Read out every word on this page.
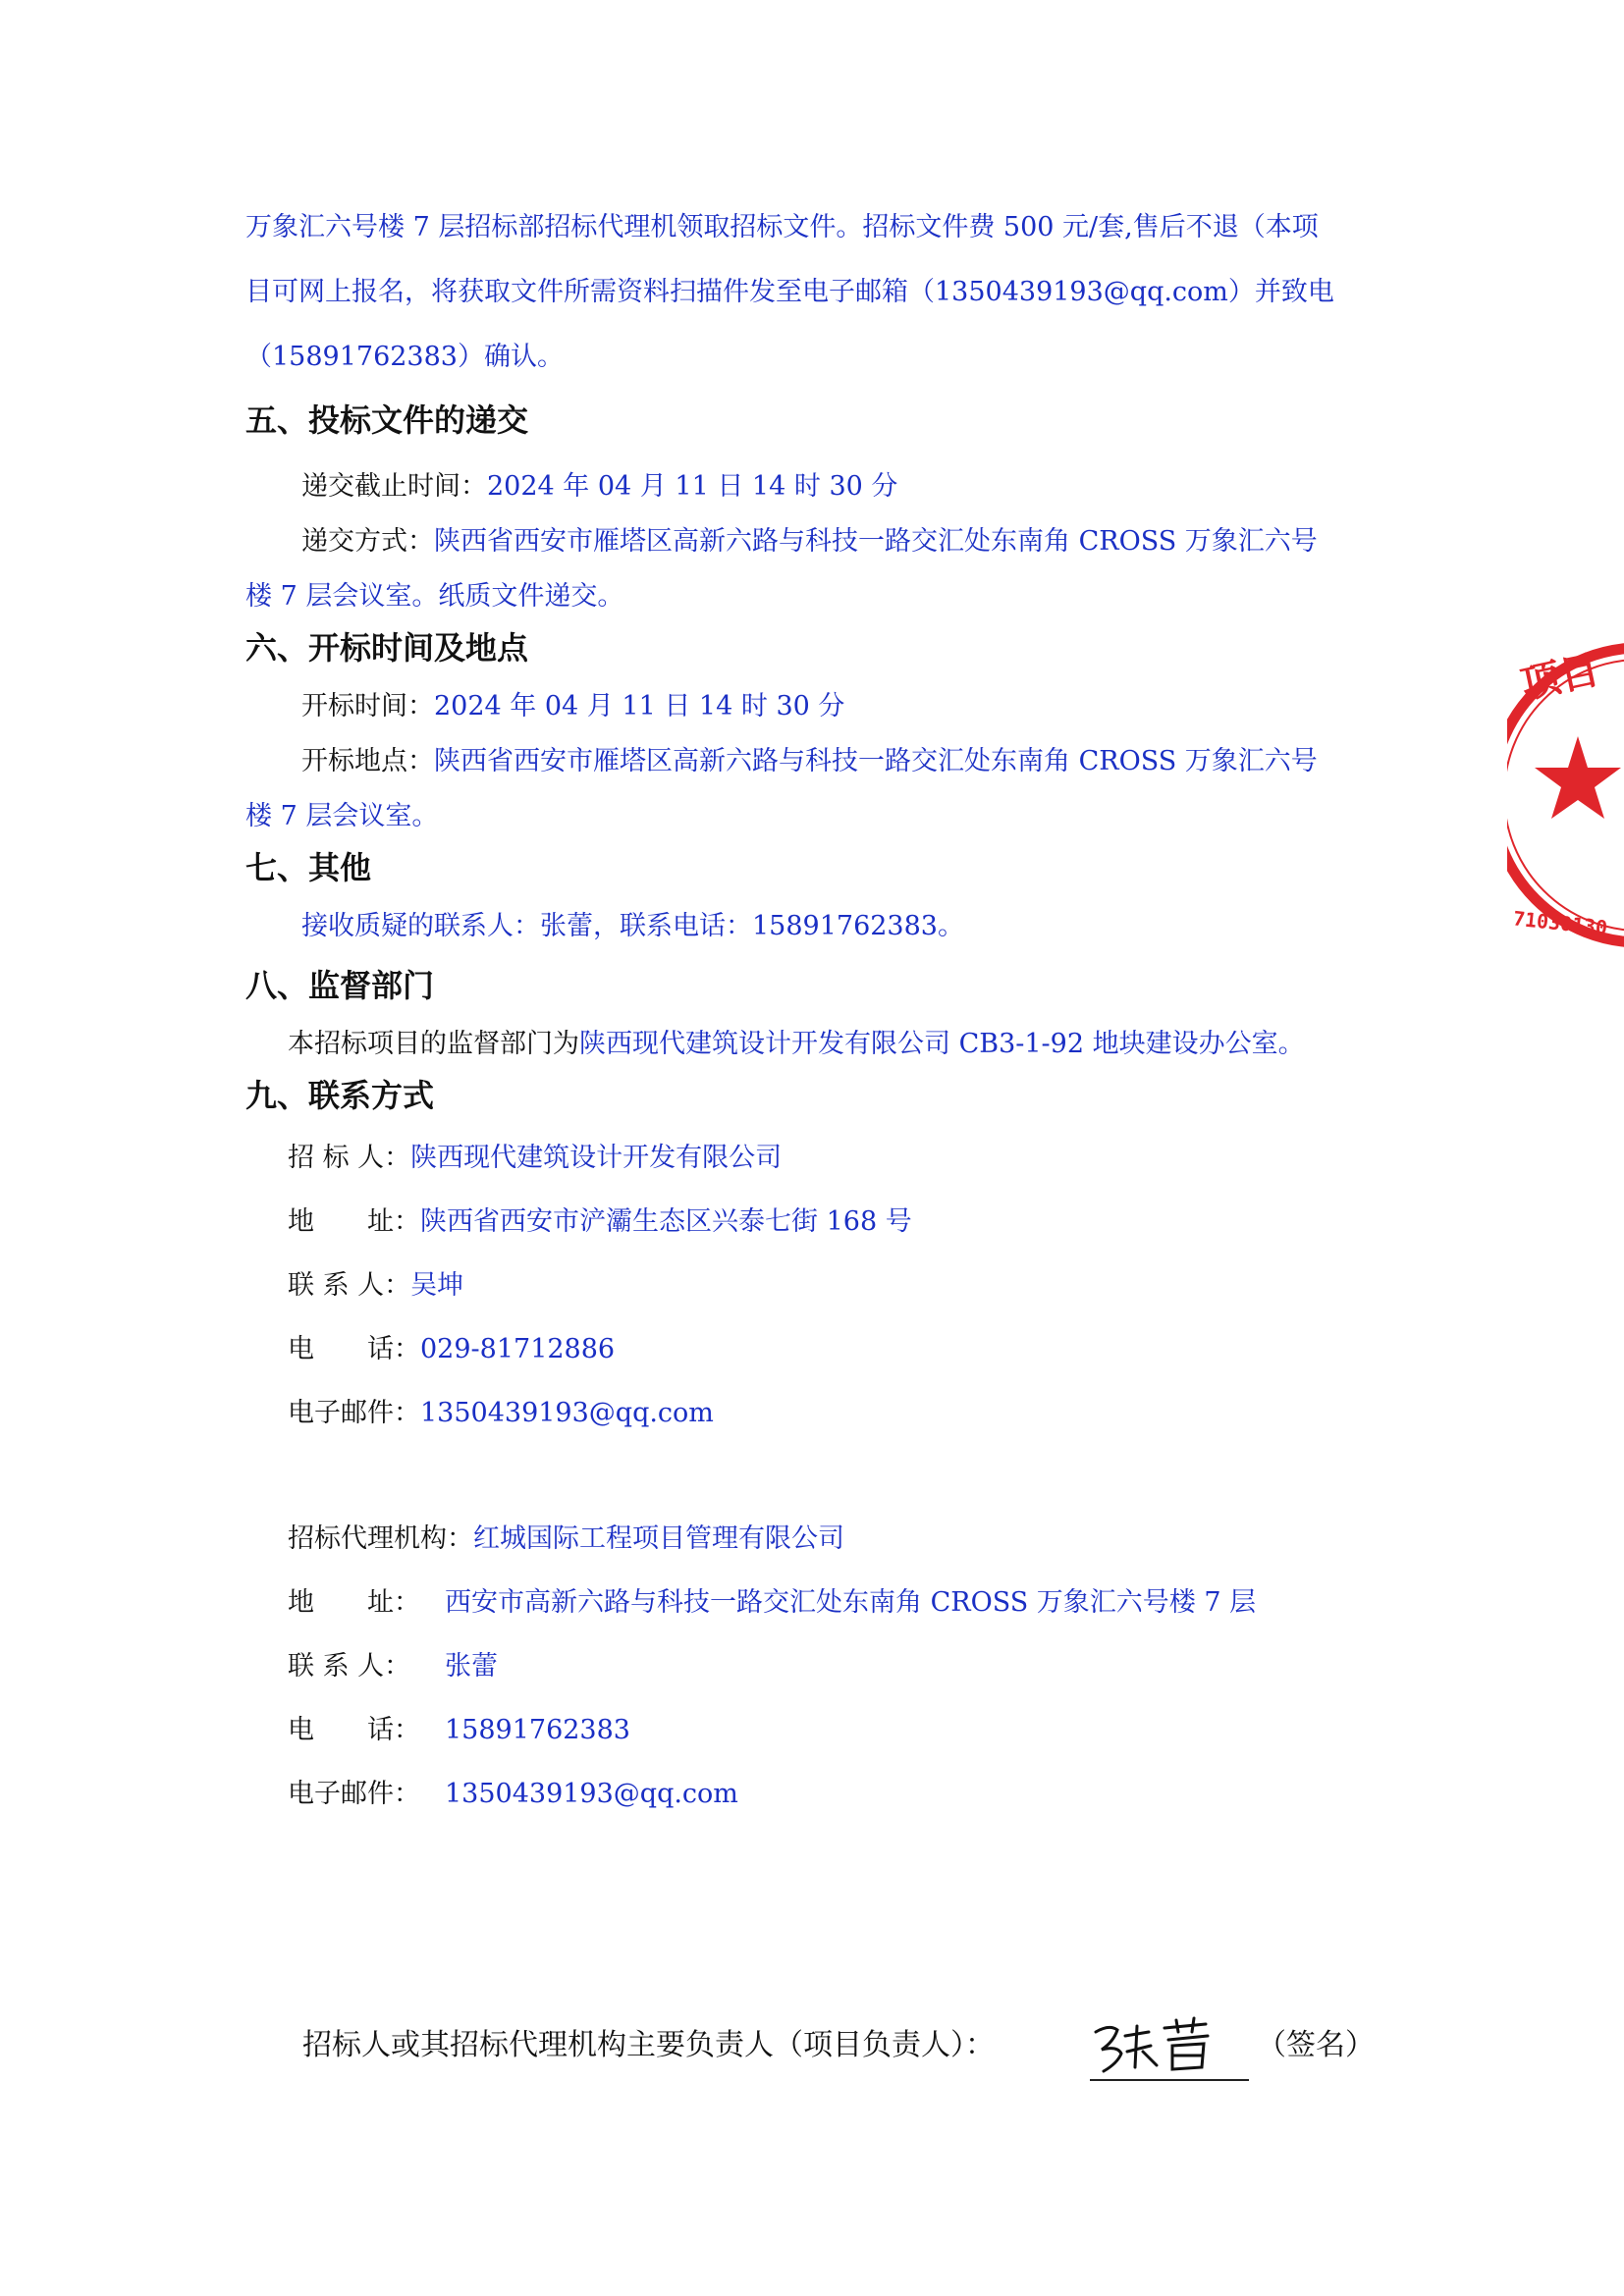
万象汇六号楼 7 层招标部招标代理机领取招标文件。招标文件费 500 元/套,售后不退（本项
目可网上报名，将获取文件所需资料扫描件发至电子邮箱（1350439193@qq.com）并致电
（15891762383）确认。
五、投标文件的递交
递交截止时间：2024 年 04 月 11 日 14 时 30 分
递交方式：陕西省西安市雁塔区高新六路与科技一路交汇处东南角 CROSS 万象汇六号
楼 7 层会议室。纸质文件递交。
六、开标时间及地点
开标时间：2024 年 04 月 11 日 14 时 30 分
开标地点：陕西省西安市雁塔区高新六路与科技一路交汇处东南角 CROSS 万象汇六号
楼 7 层会议室。
七、其他
接收质疑的联系人：张蕾，联系电话：15891762383。
八、监督部门
本招标项目的监督部门为陕西现代建筑设计开发有限公司 CB3-1-92 地块建设办公室。
九、联系方式
招 标 人：陕西现代建筑设计开发有限公司
地　　址：陕西省西安市浐灞生态区兴泰七街 168 号
联 系 人：吴坤
电　　话：029-81712886
电子邮件：1350439193@qq.com
招标代理机构：红城国际工程项目管理有限公司
地　　址： 西安市高新六路与科技一路交汇处东南角 CROSS 万象汇六号楼 7 层
联 系 人： 张蕾
电　　话： 15891762383
电子邮件： 1350439193@qq.com
招标人或其招标代理机构主要负责人（项目负责人）：	（签名）
项目
71030130
